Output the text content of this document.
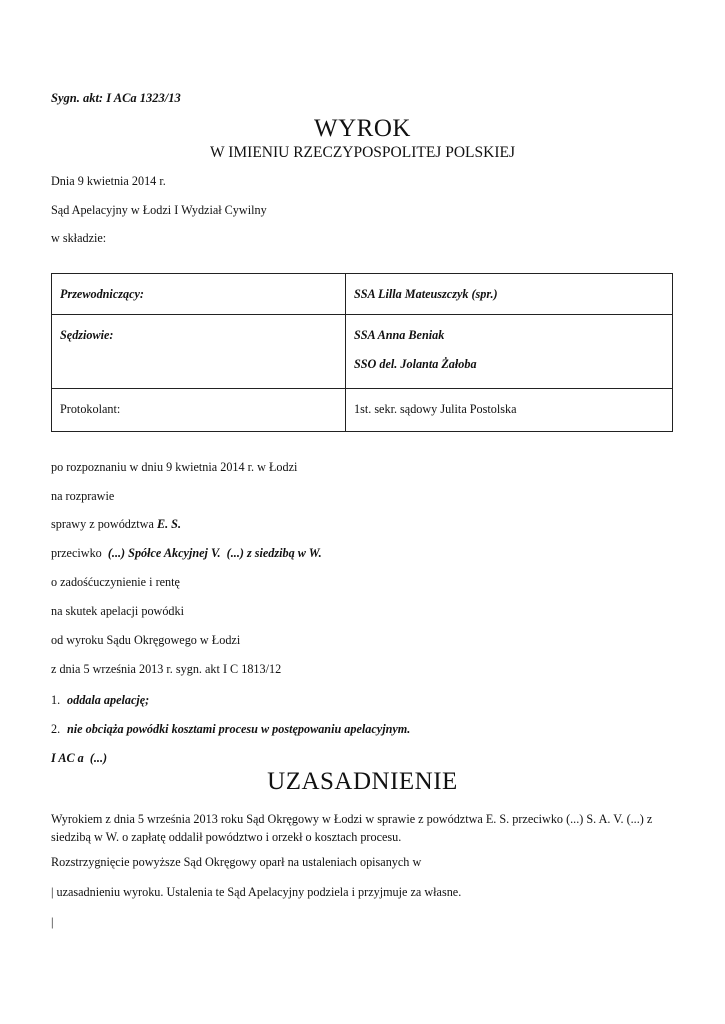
Sygn. akt: I ACa 1323/13
WYROK
W IMIENIU RZECZYPOSPOLITEJ POLSKIEJ
Dnia 9 kwietnia 2014 r.
Sąd Apelacyjny w Łodzi I Wydział Cywilny
w składzie:
Przewodniczący:	SSA Lilla Mateuszczyk (spr.)
Sędziowie:	SSA Anna Beniak
SSO del. Jolanta Żałoba

Protokolant:	1st. sekr. sądowy Julita Postolska
po rozpoznaniu w dniu 9 kwietnia 2014 r. w Łodzi
na rozprawie
sprawy z powództwa E. S.
przeciwko  (...) Spółce Akcyjnej V.  (...) z siedzibą w W.
o zadośćuczynienie i rentę
na skutek apelacji powódki
od wyroku Sądu Okręgowego w Łodzi
z dnia 5 września 2013 r. sygn. akt I C 1813/12
1. oddala apelację;
2. nie obciąża powódki kosztami procesu w postępowaniu apelacyjnym.
I AC a  (...)
UZASADNIENIE
Wyrokiem z dnia 5 września 2013 roku Sąd Okręgowy w Łodzi w sprawie z powództwa E. S. przeciwko (...) S. A. V. (...) z siedzibą w W. o zapłatę oddalił powództwo i orzekł o kosztach procesu.
Rozstrzygnięcie powyższe Sąd Okręgowy oparł na ustaleniach opisanych w
| uzasadnieniu wyroku. Ustalenia te Sąd Apelacyjny podziela i przyjmuje za własne.
|
